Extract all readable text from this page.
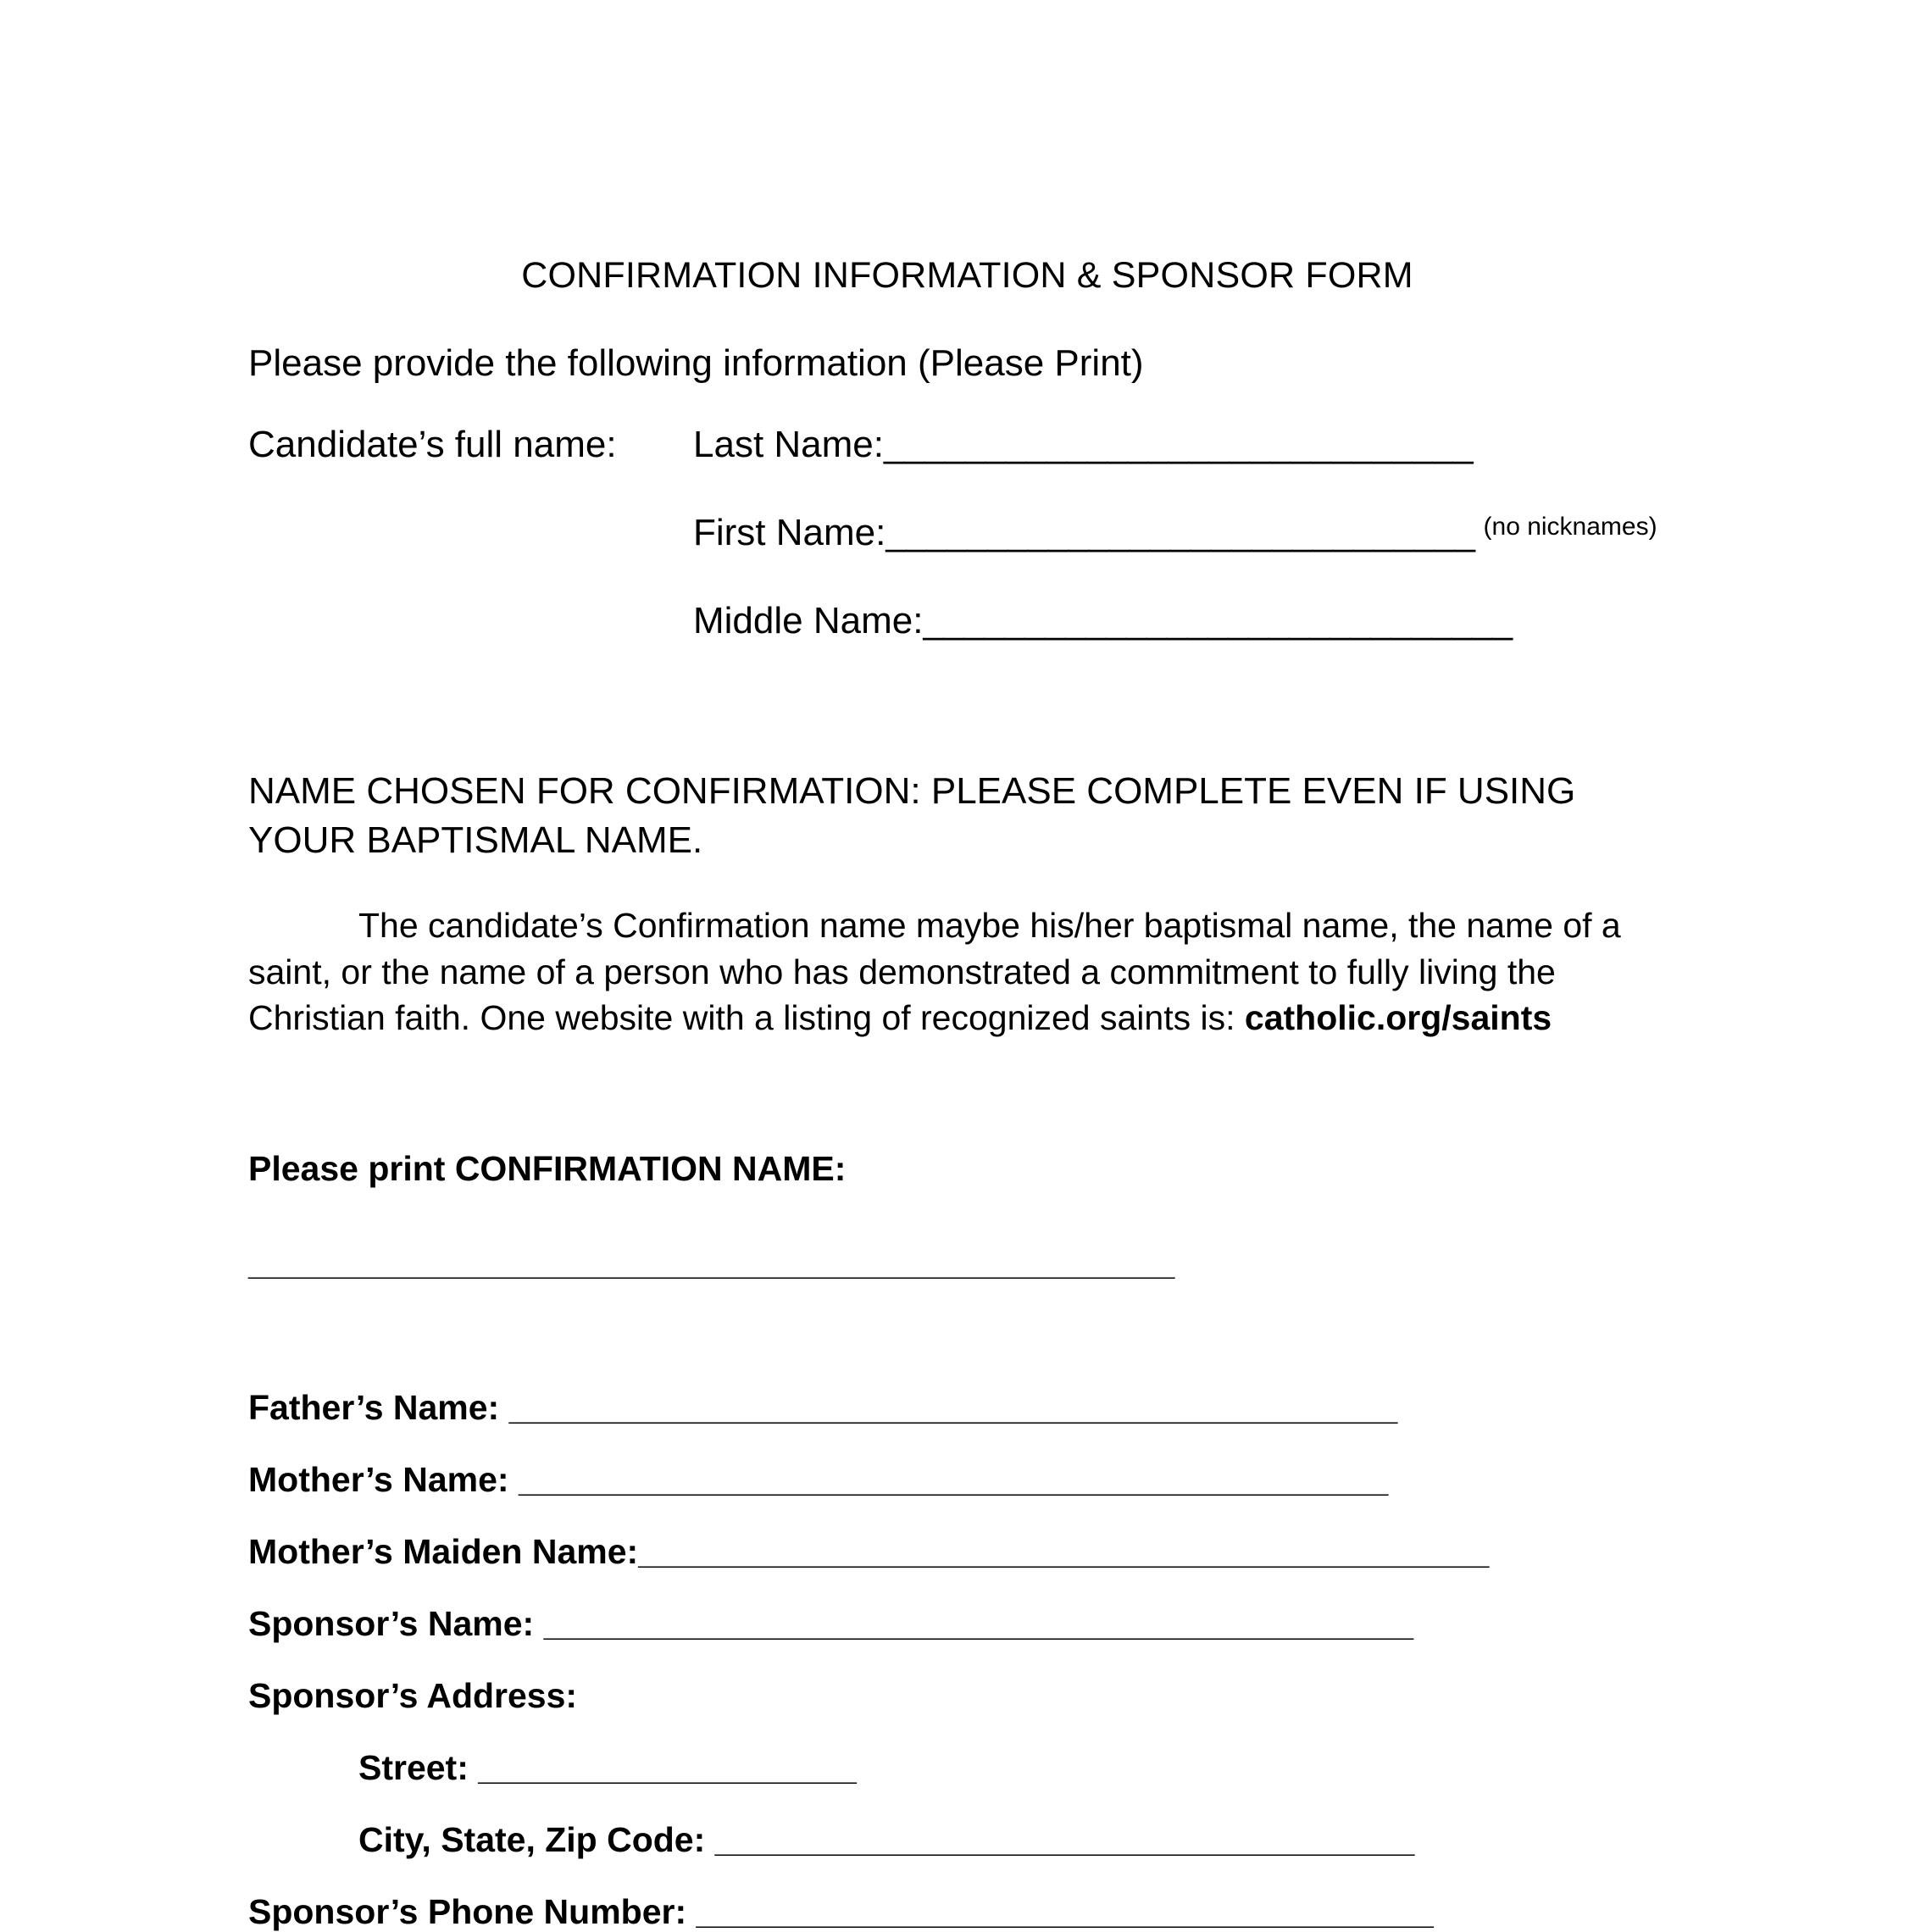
CONFIRMATION INFORMATION & SPONSOR FORM
Please provide the following information (Please Print)
Candidate’s full name:	Last Name: _____________________________
First Name: _____________________________ (no nicknames)
Middle Name: _____________________________
NAME CHOSEN FOR CONFIRMATION: PLEASE COMPLETE EVEN IF USING YOUR BAPTISMAL NAME.
The candidate’s Confirmation name maybe his/her baptismal name, the name of a saint, or the name of a person who has demonstrated a commitment to fully living the Christian faith. One website with a listing of recognized saints is: catholic.org/saints
Please print CONFIRMATION NAME:
_________________________________________________
Father’s Name: _______________________________________________
Mother’s Name: ______________________________________________
Mother’s Maiden Name:_____________________________________________
Sponsor’s Name: ______________________________________________
Sponsor’s Address:
Street: ____________________
City, State, Zip Code: _____________________________________
Sponsor’s Phone Number: _______________________________________
